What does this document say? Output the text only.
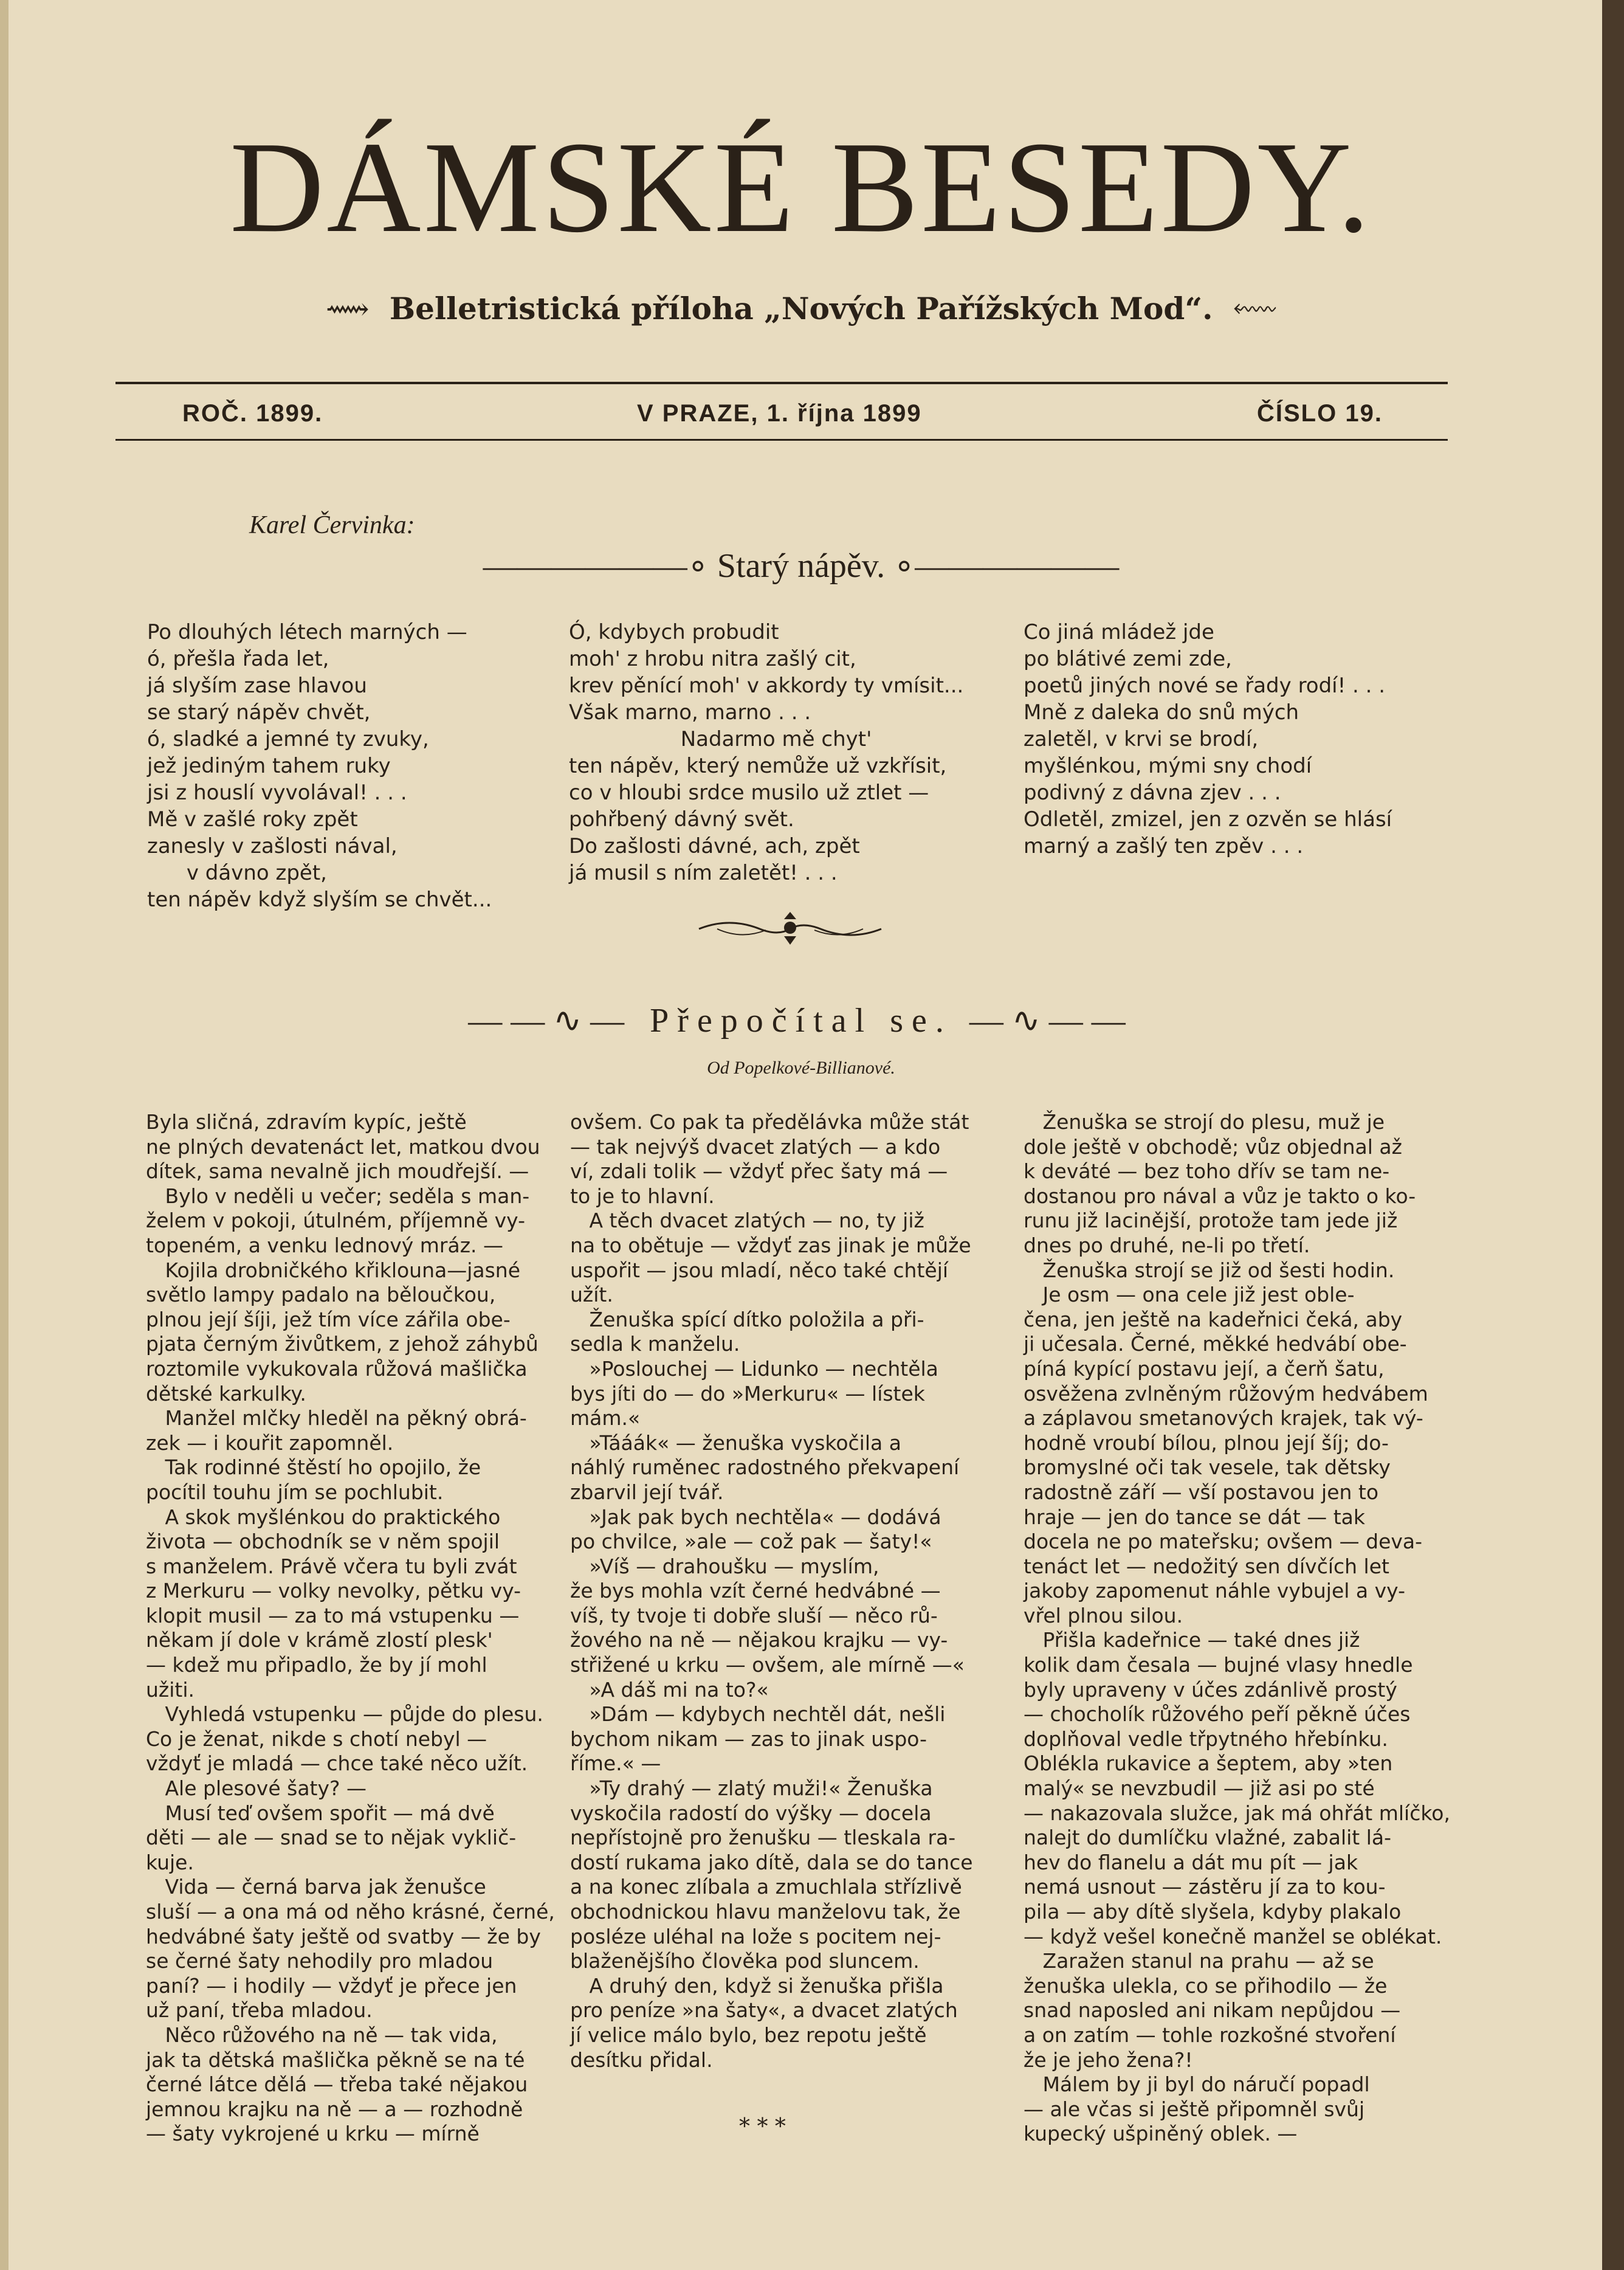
DÁMSKÉ BESEDY.
⟿  Belletristická příloha „Nových Pařížských Mod“.  ⬳
ROČ. 1899.	V PRAZE, 1. října 1899	ČÍSLO 19.
Karel Červinka:
——————∘ Starý nápěv. ∘——————
Po dlouhých létech marných —
ó, přešla řada let,
já slyším zase hlavou
se starý nápěv chvět,
ó, sladké a jemné ty zvuky,
jež jediným tahem ruky
jsi z houslí vyvolával! . . .
Mě v zašlé roky zpět
zanesly v zašlosti nával,
v dávno zpět,
ten nápěv když slyším se chvět...
Ó, kdybych probudit
moh' z hrobu nitra zašlý cit,
krev pěnící moh' v akkordy ty vmísit...
Však marno, marno . . .
Nadarmo mě chyt'
ten nápěv, který nemůže už vzkřísit,
co v hloubi srdce musilo už ztlet —
pohřbený dávný svět.
Do zašlosti dávné, ach, zpět
já musil s ním zaletět! . . .
Co jiná mládež jde
po blátivé zemi zde,
poetů jiných nové se řady rodí! . . .
Mně z daleka do snů mých
zaletěl, v krvi se brodí,
myšlénkou, mými sny chodí
podivný z dávna zjev . . .
Odletěl, zmizel, jen z ozvěn se hlásí
marný a zašlý ten zpěv . . .
——∿— Přepočítal se. —∿——
Od Popelkové-Billianové.
Byla sličná, zdravím kypíc, ještě
ne plných devatenáct let, matkou dvou
dítek, sama nevalně jich moudřejší. —
Bylo v neděli u večer; seděla s man-
želem v pokoji, útulném, příjemně vy-
topeném, a venku lednový mráz. —
Kojila drobničkého křiklouna—jasné
světlo lampy padalo na běloučkou,
plnou její šíji, jež tím více zářila obe-
pjata černým živůtkem, z jehož záhybů
roztomile vykukovala růžová mašlička
dětské karkulky.
Manžel mlčky hleděl na pěkný obrá-
zek — i kouřit zapomněl.
Tak rodinné štěstí ho opojilo, že
pocítil touhu jím se pochlubit.
A skok myšlénkou do praktického
života — obchodník se v něm spojil
s manželem. Právě včera tu byli zvát
z Merkuru — volky nevolky, pětku vy-
klopit musil — za to má vstupenku —
někam jí dole v krámě zlostí plesk'
— kdež mu připadlo, že by jí mohl
užiti.
Vyhledá vstupenku — půjde do plesu.
Co je ženat, nikde s chotí nebyl —
vždyť je mladá — chce také něco užít.
Ale plesové šaty? —
Musí teď ovšem spořit — má dvě
děti — ale — snad se to nějak vyklič-
kuje.
Vida — černá barva jak ženušce
sluší — a ona má od něho krásné, černé,
hedvábné šaty ještě od svatby — že by
se černé šaty nehodily pro mladou
paní? — i hodily — vždyť je přece jen
už paní, třeba mladou.
Něco růžového na ně — tak vida,
jak ta dětská mašlička pěkně se na té
černé látce dělá — třeba také nějakou
jemnou krajku na ně — a — rozhodně
— šaty vykrojené u krku — mírně
ovšem. Co pak ta předělávka může stát
— tak nejvýš dvacet zlatých — a kdo
ví, zdali tolik — vždyť přec šaty má —
to je to hlavní.
A těch dvacet zlatých — no, ty již
na to obětuje — vždyť zas jinak je může
uspořit — jsou mladí, něco také chtějí
užít.
Ženuška spící dítko položila a při-
sedla k manželu.
»Poslouchej — Lidunko — nechtěla
bys jíti do — do »Merkuru« — lístek
mám.«
»Tááák« — ženuška vyskočila a
náhlý ruměnec radostného překvapení
zbarvil její tvář.
»Jak pak bych nechtěla« — dodává
po chvilce, »ale — což pak — šaty!«
»Víš — drahoušku — myslím,
že bys mohla vzít černé hedvábné —
víš, ty tvoje ti dobře sluší — něco rů-
žového na ně — nějakou krajku — vy-
střižené u krku — ovšem, ale mírně —«
»A dáš mi na to?«
»Dám — kdybych nechtěl dát, nešli
bychom nikam — zas to jinak uspo-
říme.« —
»Ty drahý — zlatý muži!« Ženuška
vyskočila radostí do výšky — docela
nepřístojně pro ženušku — tleskala ra-
dostí rukama jako dítě, dala se do tance
a na konec zlíbala a zmuchlala střízlivě
obchodnickou hlavu manželovu tak, že
posléze uléhal na lože s pocitem nej-
blaženějšího člověka pod sluncem.
A druhý den, když si ženuška přišla
pro peníze »na šaty«, a dvacet zlatých
jí velice málo bylo, bez repotu ještě
desítku přidal.
Ženuška se strojí do plesu, muž je
dole ještě v obchodě; vůz objednal až
k deváté — bez toho dřív se tam ne-
dostanou pro nával a vůz je takto o ko-
runu již lacinější, protože tam jede již
dnes po druhé, ne-li po třetí.
Ženuška strojí se již od šesti hodin.
Je osm — ona cele již jest oble-
čena, jen ještě na kadeřnici čeká, aby
ji učesala. Černé, měkké hedvábí obe-
píná kypící postavu její, a čerň šatu,
osvěžena zvlněným růžovým hedvábem
a záplavou smetanových krajek, tak vý-
hodně vroubí bílou, plnou její šíj; do-
bromyslné oči tak vesele, tak dětsky
radostně září — vší postavou jen to
hraje — jen do tance se dát — tak
docela ne po mateřsku; ovšem — deva-
tenáct let — nedožitý sen dívčích let
jakoby zapomenut náhle vybujel a vy-
vřel plnou silou.
Přišla kadeřnice — také dnes již
kolik dam česala — bujné vlasy hnedle
byly upraveny v účes zdánlivě prostý
— chocholík růžového peří pěkně účes
doplňoval vedle třpytného hřebínku.
Oblékla rukavice a šeptem, aby »ten
malý« se nevzbudil — již asi po sté
— nakazovala služce, jak má ohřát mlíčko,
nalejt do dumlíčku vlažné, zabalit lá-
hev do flanelu a dát mu pít — jak
nemá usnout — zástěru jí za to kou-
pila — aby dítě slyšela, kdyby plakalo
— když vešel konečně manžel se oblékat.
Zaražen stanul na prahu — až se
ženuška ulekla, co se přihodilo — že
snad naposled ani nikam nepůjdou —
a on zatím — tohle rozkošné stvoření
že je jeho žena?!
Málem by ji byl do náručí popadl
— ale včas si ještě připomněl svůj
kupecký ušpiněný oblek. —
* * *
